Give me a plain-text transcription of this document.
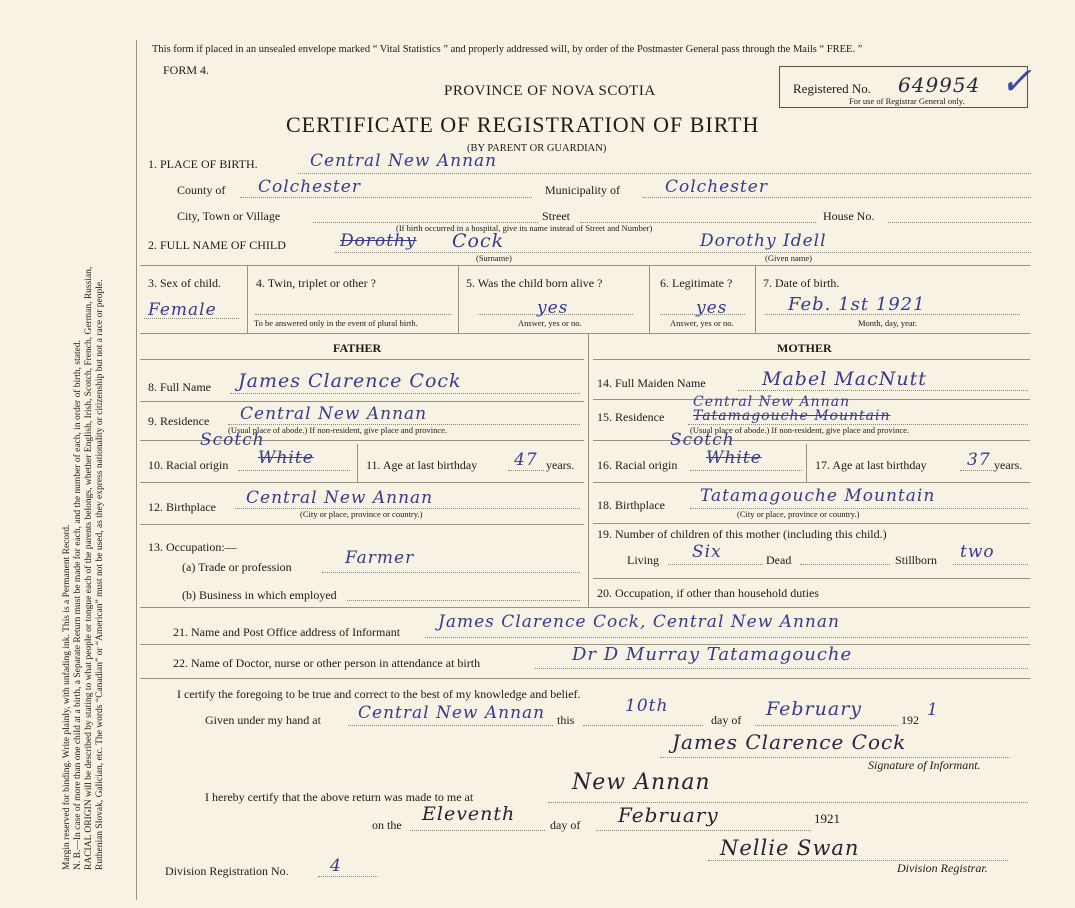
Margin reserved for binding. Write plainly, with unfading ink. This is a Permanent Record. N. B.—In case of more than one child at a birth, a Separate Return must be made for each, and the number of each, in order of birth, stated. RACIAL ORIGIN will be described by stating to what people or tongue each of the parents belongs, whether English, Irish, Scotch, French, German, Russian, Ruthenian Slovak, Galician, etc. The words “Canadian” or “American” must not be used, as they express nationality or citizenship but not a race or people.
This form if placed in an unsealed envelope marked “ Vital Statistics ” and properly addressed will, by order of the Postmaster General pass through the Mails “ FREE. ”
FORM 4.
PROVINCE OF NOVA SCOTIA
CERTIFICATE OF REGISTRATION OF BIRTH
(BY PARENT OR GUARDIAN)
Registered No. 649954 ✓
For use of Registrar General only.
1. PLACE OF BIRTH.	Central New Annan
County of Colchester	Municipality of	Colchester
City, Town or Village	Street	House No.
(If birth occurred in a hospital, give its name instead of Street and Number)
2. FULL NAME OF CHILD	Dorothy Cock	Dorothy Idell
(Surname)	(Given name)
3. Sex of child.
Female
4. Twin, triplet or other ?
To be answered only in the event of plural birth.
5. Was the child born alive ?
yes
Answer, yes or no.
6. Legitimate ?
yes
Answer, yes or no.
7. Date of birth.
Feb. 1st 1921
Month, day, year.
FATHER	MOTHER
8. Full Name James Clarence Cock
9. Residence Central New Annan
(Usual place of abode.) If non-resident, give place and province.
Scotch
10. Racial origin White	11. Age at last birthday 47 years.
12. Birthplace Central New Annan
(City or place, province or country.)
13. Occupation:—
(a) Trade or profession	Farmer
(b) Business in which employed
14. Full Maiden Name	Mabel MacNutt
15. Residence
Central New Annan
Tatamagouche Mountain
(Usual place of abode.) If non-resident, give place and province.
Scotch
16. Racial origin White	17. Age at last birthday 37 years.
18. Birthplace Tatamagouche Mountain
(City or place, province or country.)
19. Number of children of this mother (including this child.)
Living Six	Dead	Stillborn two
20. Occupation, if other than household duties
21. Name and Post Office address of Informant James Clarence Cock, Central New Annan
22. Name of Doctor, nurse or other person in attendance at birth	Dr D Murray Tatamagouche
I certify the foregoing to be true and correct to the best of my knowledge and belief.
Given under my hand at Central New Annan this
10th
day of February	192 1
James Clarence Cock
Signature of Informant.
I hereby certify that the above return was made to me at
New Annan
on the Eleventh	day of February	1921
Nellie Swan
Division Registrar.
Division Registration No. 4
